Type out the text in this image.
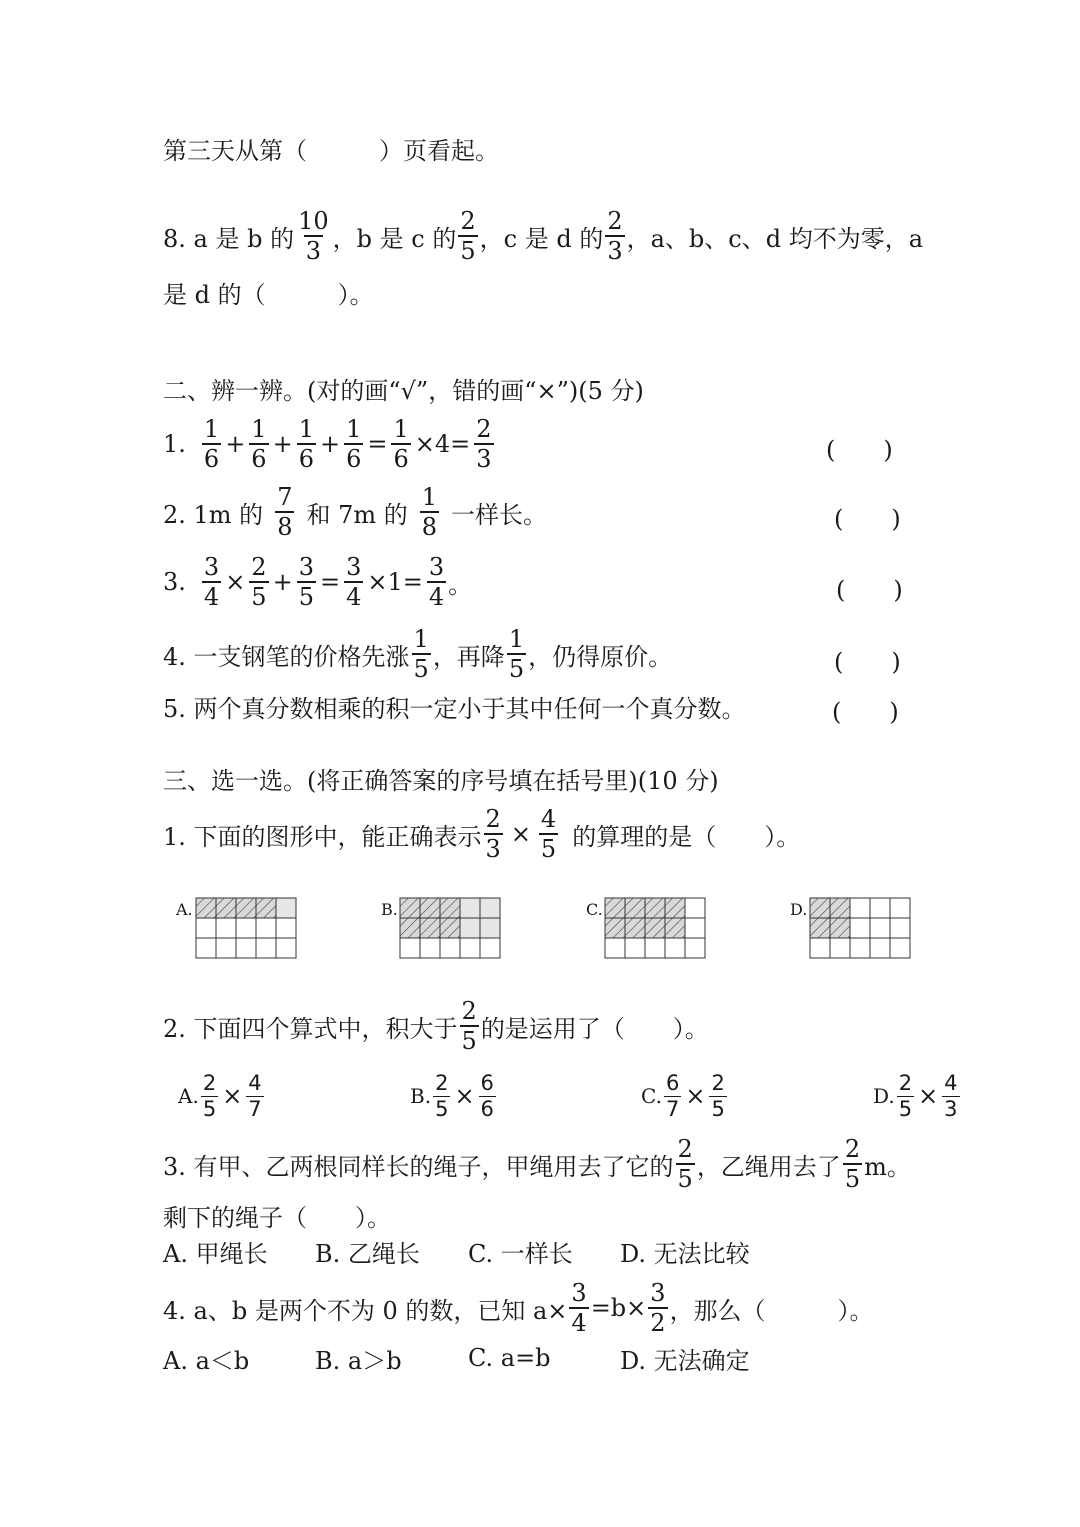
第三天从第（　　　）页看起。
8. a 是 b 的
10
3 ，b 是 c 的
2
5 ，c 是 d 的
2
3 ，a、b、c、d 均不为零，a
是 d 的（　　　）。
二、辨一辨。(对的画“√”，错的画“×”)(5 分)
1.
1
6
+ $\frac{1}{6} + \frac{1}{6} + \frac{1}{6} = \frac{1}{6} \times 4= \frac{2}{3}$	(　　)
2. 1m 的
7
8 和 7m 的
1
8 一样长。	(　　)
3. $\frac{3}{4} \times \frac{2}{5} + \frac{3}{5} = \frac{3}{4} \times 1= \frac{3}{4}$ 。	(　　)
4. 一支钢笔的价格先涨
1
5 ，再降
1
5 ，仍得原价。	(　　)
5. 两个真分数相乘的积一定小于其中任何一个真分数。	(　　)
三、选一选。(将正确答案的序号填在括号里)(10 分)
1. 下面的图形中，能正确表示 $\frac{2}{3} \times \frac{4}{5}$ 的算理的是（　　）。
A.	B.	C.	D.
2. 下面四个算式中，积大于
2
5 的是运用了（　　）。
A. $\frac{2}{5} \times \frac{4}{7}$	B. $\frac{2}{5} \times \frac{6}{6}$	C. $\frac{6}{7} \times \frac{2}{5}$	D. $\frac{2}{5} \times \frac{4}{3}$
3. 有甲、乙两根同样长的绳子，甲绳用去了它的
2
5 ，乙绳用去了
2
5 m。
剩下的绳子（　　）。
A. 甲绳长	B. 乙绳长	C. 一样长	D. 无法比较
4. a、b 是两个不为 0 的数，已知 $a\times \frac{3}{4} =b\times \frac{3}{2}$ ，那么（　　　）。
A. a＜b	B. a＞b	C. a=b	D. 无法确定
